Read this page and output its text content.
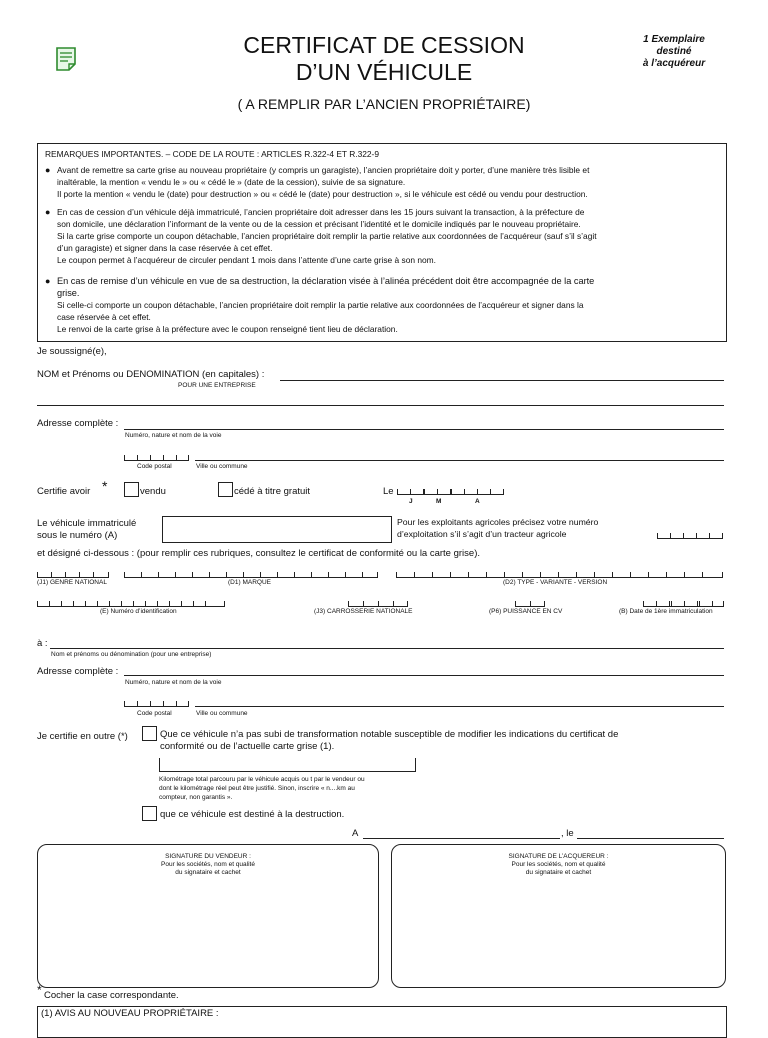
CERTIFICAT DE CESSION
D’UN VÉHICULE
( A REMPLIR PAR L’ANCIEN PROPRIÉTAIRE)
1 Exemplaire
destiné
à l’acquéreur
REMARQUES IMPORTANTES. – CODE DE LA ROUTE : ARTICLES R.322-4 ET R.322-9
● Avant de remettre sa carte grise au nouveau propriétaire (y compris un garagiste), l’ancien propriétaire doit y porter, d’une manière très lisible et
inaltérable, la mention « vendu le » ou « cédé le » (date de la cession), suivie de sa signature.
Il porte la mention « vendu le (date) pour destruction » ou « cédé le (date) pour destruction », si le véhicule est cédé ou vendu pour destruction.
● En cas de cession d’un véhicule déjà immatriculé, l’ancien propriétaire doit adresser dans les 15 jours suivant la transaction, à la préfecture de
son domicile, une déclaration l’informant de la vente ou de la cession et précisant l’identité et le domicile indiqués par le nouveau propriétaire.
Si la carte grise comporte un coupon détachable, l’ancien propriétaire doit remplir la partie relative aux coordonnées de l’acquéreur (sauf s’il s’agit
d’un garagiste) et signer dans la case réservée à cet effet.
Le coupon permet à l’acquéreur de circuler pendant 1 mois dans l’attente d’une carte grise à son nom.
● En cas de remise d’un véhicule en vue de sa destruction, la déclaration visée à l’alinéa précédent doit être accompagnée de la carte
grise.
Si celle-ci comporte un coupon détachable, l’ancien propriétaire doit remplir la partie relative aux coordonnées de l’acquéreur et signer dans la
case réservée à cet effet.
Le renvoi de la carte grise à la préfecture avec le coupon renseigné tient lieu de déclaration.
Je soussigné(e),
NOM et Prénoms ou DENOMINATION (en capitales) :
POUR UNE ENTREPRISE
Adresse complète :
Numéro, nature et nom de la voie
Code postal	Ville ou commune
Certifie avoir *	vendu	cédé à titre gratuit	Le
J	M	A
Le véhicule immatriculé
sous le numéro (A)
Pour les exploitants agricoles précisez votre numéro
d’exploitation s’il s’agit d’un tracteur agricole
et désigné ci-dessous : (pour remplir ces rubriques, consultez le certificat de conformité ou la carte grise).
(J1) GENRE NATIONAL	(D1) MARQUE	(D2) TYPE - VARIANTE - VERSION
(E) Numéro d’identification	(J3) CARROSSERIE NATIONALE	(P6) PUISSANCE EN CV	(B) Date de 1ère immatriculation
à :
Nom et prénoms ou dénomination (pour une entreprise)
Adresse complète :
Numéro, nature et nom de la voie
Code postal	Ville ou commune
Je certifie en outre (*)	Que ce véhicule n’a pas subi de transformation notable susceptible de modifier les indications du certificat de
conformité ou de l’actuelle carte grise (1).
Kilométrage total parcouru par le véhicule acquis ou t par le vendeur ou
dont le kilométrage réel peut être justifié. Sinon, inscrire « n....km au
compteur, non garantis ».
que ce véhicule est destiné à la destruction.
A	, le
SIGNATURE DU VENDEUR :
Pour les sociétés, nom et qualité
du signataire et cachet
SIGNATURE DE L’ACQUEREUR :
Pour les sociétés, nom et qualité
du signataire et cachet
* Cocher la case correspondante.
(1) AVIS AU NOUVEAU PROPRIÉTAIRE :
